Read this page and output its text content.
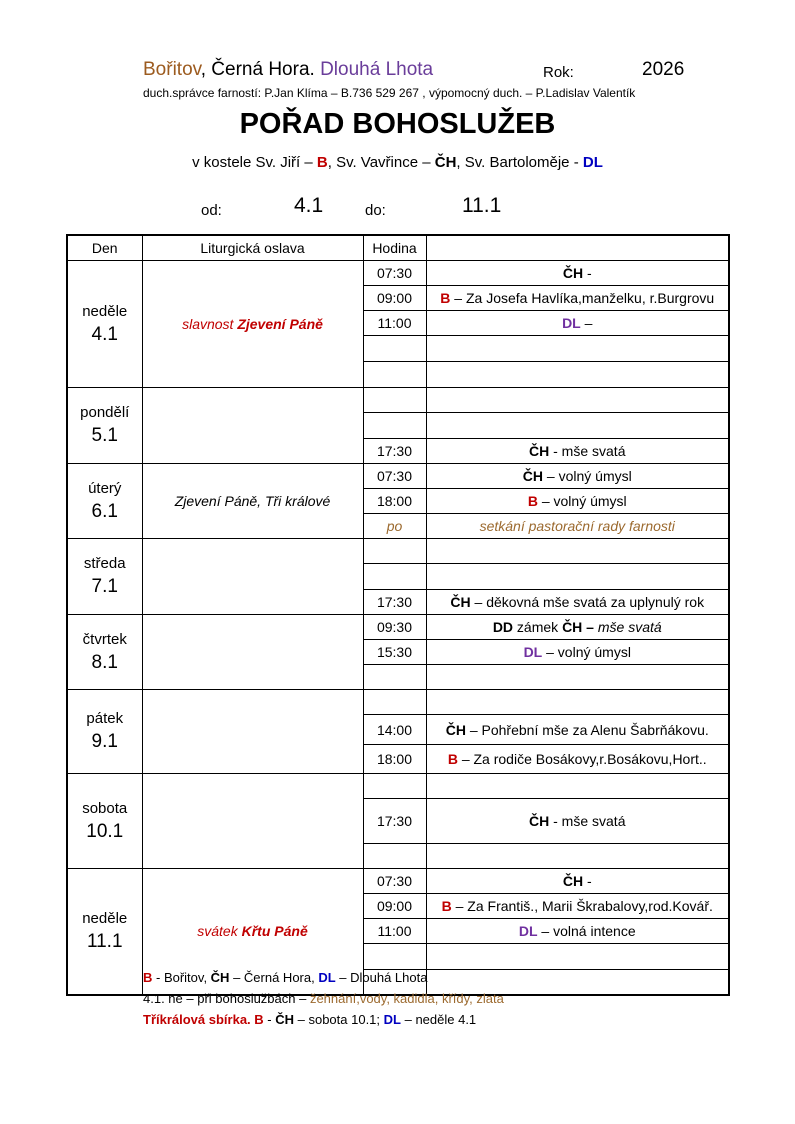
Bořitov, Černá Hora. Dlouhá Lhota	Rok:	2026
duch.správce farností: P.Jan Klíma – B.736 529 267 , výpomocný duch. – P.Ladislav Valentík
POŘAD BOHOSLUŽEB
v kostele Sv. Jiří – B, Sv. Vavřince – ČH, Sv. Bartoloměje - DL
od:	4.1	do:	11.1
Den	Liturgická oslava	Hodina	

neděle
4.1	slavnost Zjevení Páně	07:30	ČH -
		09:00	B – Za Josefa Havlíka,manželku, r.Burgrovu
		11:00	DL –

pondělí
5.1			

		17:30	ČH - mše svatá

úterý
6.1	Zjevení Páně, Tři králové	07:30	ČH – volný úmysl
		18:00	B – volný úmysl
		po	setkání pastorační rady farnosti

středa
7.1			

		17:30	ČH – děkovná mše svatá za uplynulý rok

čtvrtek
8.1		09:30	DD zámek ČH – mše svatá
		15:30	DL – volný úmysl

pátek
9.1			

		14:00	ČH – Pohřební mše za Alenu Šabrňákovu.
		18:00	B – Za rodiče Bosákovy,r.Bosákovu,Hort..

sobota
10.1			

		17:30	ČH - mše svatá

neděle
11.1	svátek Křtu Páně	07:30	ČH -
		09:00	B – Za Františ., Marii Škrabalovy,rod.Kovář.
		11:00	DL – volná intence

B - Bořitov, ČH – Černá Hora, DL – Dlouhá Lhota
4.1. ne – při bohoslužbách – žehnání,vody, kadidla, křídy, zlata
Tříkrálová sbírka. B - ČH – sobota 10.1; DL – neděle 4.1
